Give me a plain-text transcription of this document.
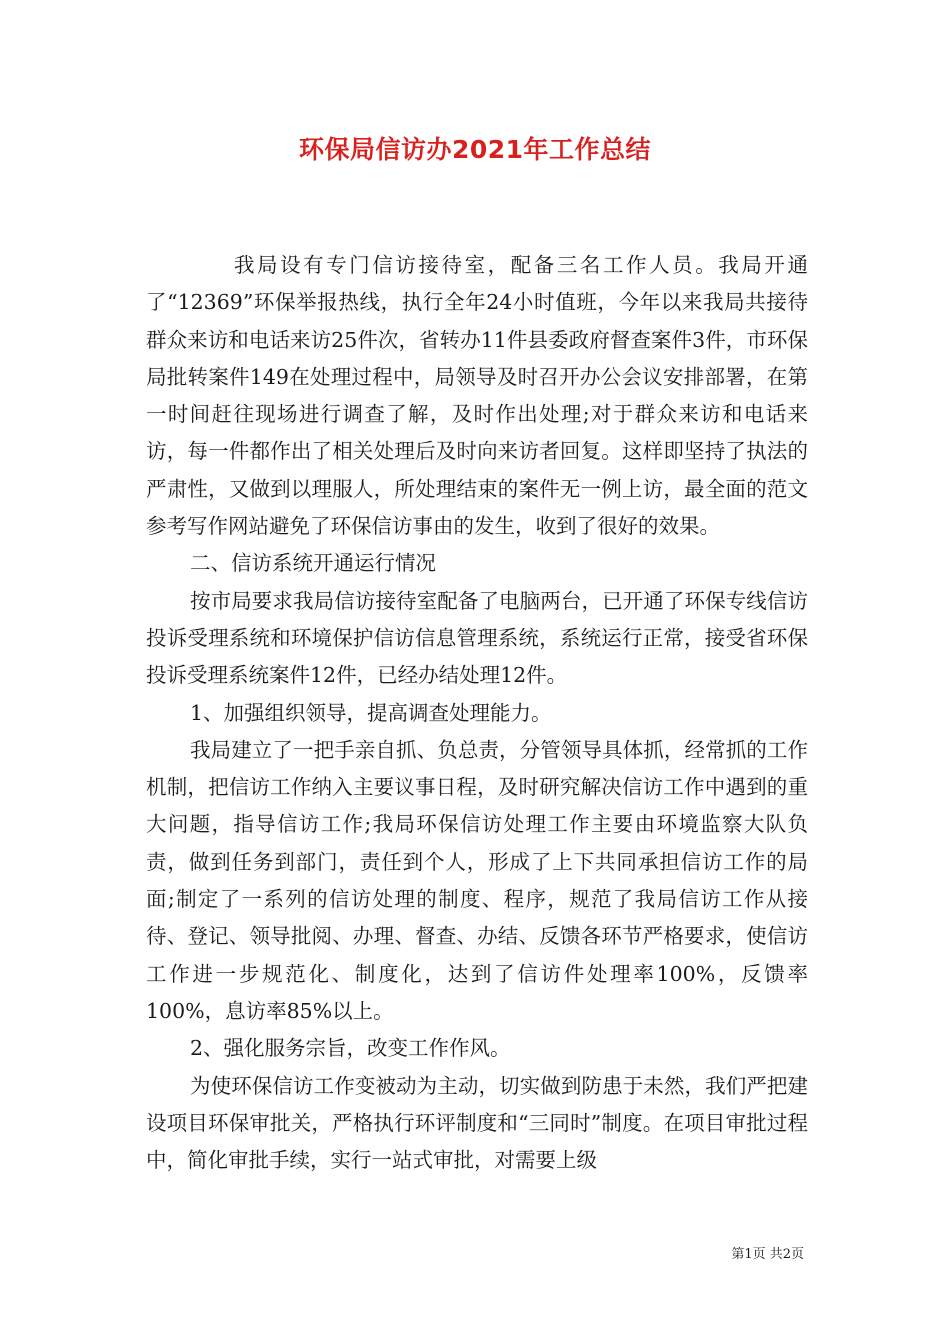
环保局信访办2021年工作总结

我局设有专门信访接待室，配备三名工作人员。我局开通了“12369”环保举报热线，执行全年24小时值班，今年以来我局共接待群众来访和电话来访25件次，省转办11件县委政府督查案件3件，市环保局批转案件149在处理过程中，局领导及时召开办公会议安排部署，在第一时间赶往现场进行调查了解，及时作出处理;对于群众来访和电话来访，每一件都作出了相关处理后及时向来访者回复。这样即坚持了执法的严肃性，又做到以理服人，所处理结束的案件无一例上访，最全面的范文参考写作网站避免了环保信访事由的发生，收到了很好的效果。

二、信访系统开通运行情况

按市局要求我局信访接待室配备了电脑两台，已开通了环保专线信访投诉受理系统和环境保护信访信息管理系统，系统运行正常，接受省环保投诉受理系统案件12件，已经办结处理12件。

1、加强组织领导，提高调查处理能力。

我局建立了一把手亲自抓、负总责，分管领导具体抓，经常抓的工作机制，把信访工作纳入主要议事日程，及时研究解决信访工作中遇到的重大问题，指导信访工作;我局环保信访处理工作主要由环境监察大队负责，做到任务到部门，责任到个人，形成了上下共同承担信访工作的局面;制定了一系列的信访处理的制度、程序，规范了我局信访工作从接待、登记、领导批阅、办理、督查、办结、反馈各环节严格要求，使信访工作进一步规范化、制度化，达到了信访件处理率100%，反馈率100%，息访率85%以上。

2、强化服务宗旨，改变工作作风。

为使环保信访工作变被动为主动，切实做到防患于未然，我们严把建设项目环保审批关，严格执行环评制度和“三同时”制度。在项目审批过程中，简化审批手续，实行一站式审批，对需要上级

第1页 共2页
